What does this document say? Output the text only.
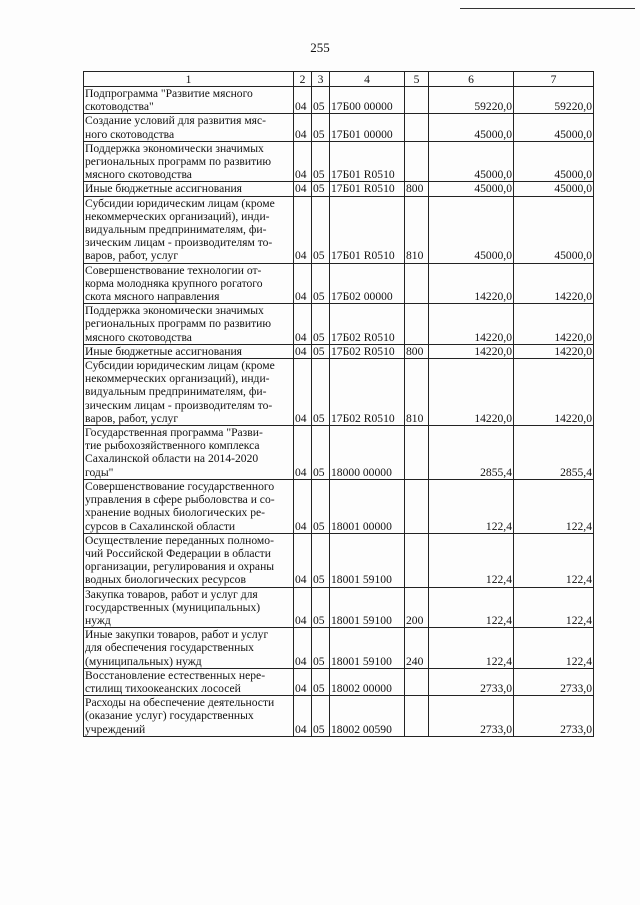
255
1	2	3	4	5	6	7
Подпрограмма "Развитие мясного
скотоводства"	04	05	17Б00 00000		59220,0	59220,0
Создание условий для развития мяс-
ного скотоводства	04	05	17Б01 00000		45000,0	45000,0
Поддержка экономически значимых
региональных программ по развитию
мясного скотоводства	04	05	17Б01 R0510		45000,0	45000,0
Иные бюджетные ассигнования	04	05	17Б01 R0510	800	45000,0	45000,0
Субсидии юридическим лицам (кроме
некоммерческих организаций), инди-
видуальным предпринимателям, фи-
зическим лицам - производителям то-
варов, работ, услуг	04	05	17Б01 R0510	810	45000,0	45000,0
Совершенствование технологии от-
корма молодняка крупного рогатого
скота мясного направления	04	05	17Б02 00000		14220,0	14220,0
Поддержка экономически значимых
региональных программ по развитию
мясного скотоводства	04	05	17Б02 R0510		14220,0	14220,0
Иные бюджетные ассигнования	04	05	17Б02 R0510	800	14220,0	14220,0
Субсидии юридическим лицам (кроме
некоммерческих организаций), инди-
видуальным предпринимателям, фи-
зическим лицам - производителям то-
варов, работ, услуг	04	05	17Б02 R0510	810	14220,0	14220,0
Государственная программа "Разви-
тие рыбохозяйственного комплекса
Сахалинской области на 2014-2020
годы"	04	05	18000 00000		2855,4	2855,4
Совершенствование государственного
управления в сфере рыболовства и со-
хранение водных биологических ре-
сурсов в Сахалинской области	04	05	18001 00000		122,4	122,4
Осуществление переданных полномо-
чий Российской Федерации в области
организации, регулирования и охраны
водных биологических ресурсов	04	05	18001 59100		122,4	122,4
Закупка товаров, работ и услуг для
государственных (муниципальных)
нужд	04	05	18001 59100	200	122,4	122,4
Иные закупки товаров, работ и услуг
для обеспечения государственных
(муниципальных) нужд	04	05	18001 59100	240	122,4	122,4
Восстановление естественных нере-
стилищ тихоокеанских лососей	04	05	18002 00000		2733,0	2733,0
Расходы на обеспечение деятельности
(оказание услуг) государственных
учреждений	04	05	18002 00590		2733,0	2733,0
